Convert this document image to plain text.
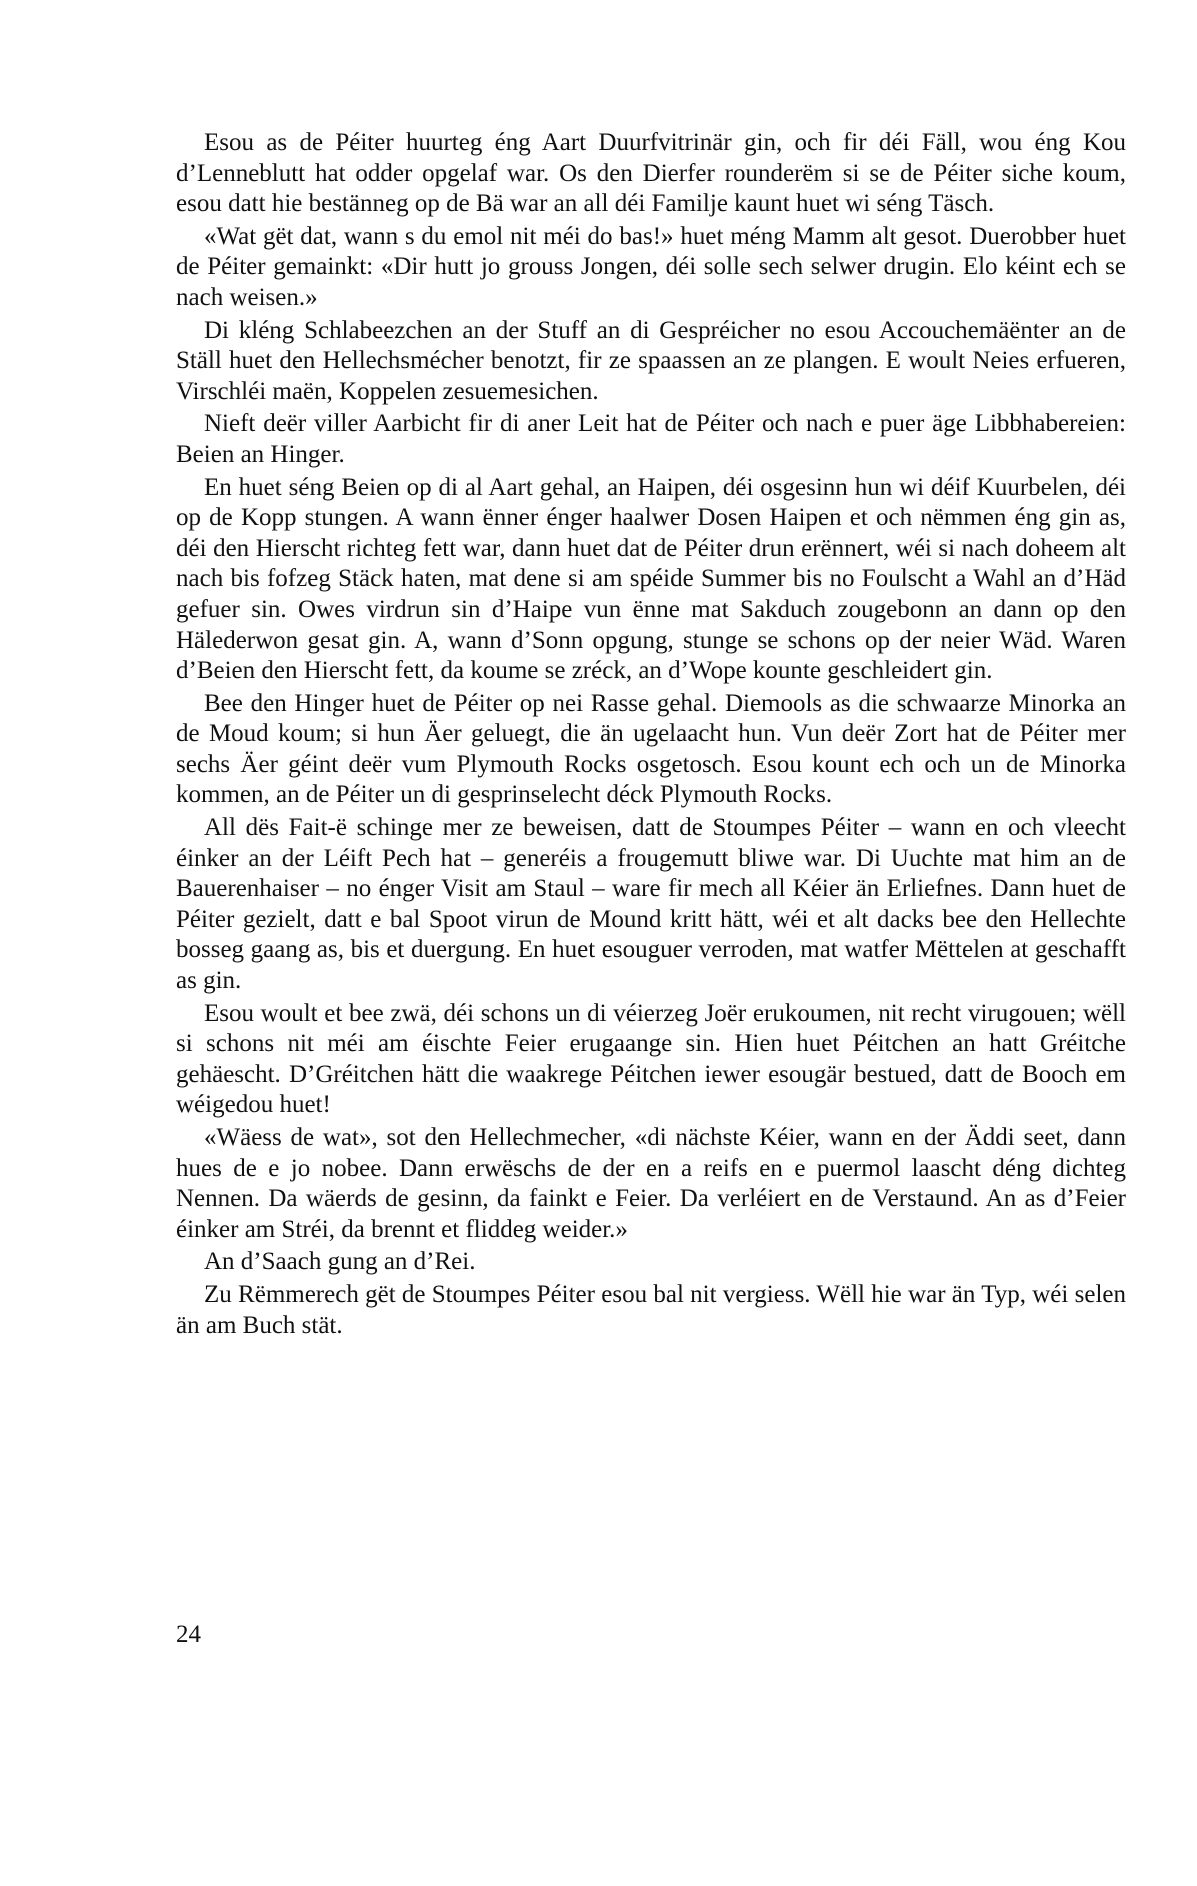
Esou as de Péiter huurteg éng Aart Duurfvitrinär gin, och fir déi Fäll, wou éng Kou d’Lenneblutt hat odder opgelaf war. Os den Dierfer rounderëm si se de Péiter siche koum, esou datt hie bestänneg op de Bä war an all déi Familje kaunt huet wi séng Täsch.

«Wat gët dat, wann s du emol nit méi do bas!» huet méng Mamm alt gesot. Duerobber huet de Péiter gemainkt: «Dir hutt jo grouss Jongen, déi solle sech selwer drugin. Elo kéint ech se nach weisen.»

Di kléng Schlabeezchen an der Stuff an di Gespréicher no esou Accouchemäënter an de Ställ huet den Hellechsmécher benotzt, fir ze spaassen an ze plangen. E woult Neies erfueren, Virschléi maën, Koppelen zesuemesichen.

Nieft deër viller Aarbicht fir di aner Leit hat de Péiter och nach e puer äge Libbhabereien: Beien an Hinger.

En huet séng Beien op di al Aart gehal, an Haipen, déi osgesinn hun wi déif Kuurbelen, déi op de Kopp stungen. A wann ënner énger haalwer Dosen Haipen et och nëmmen éng gin as, déi den Hierscht richteg fett war, dann huet dat de Péiter drun erënnert, wéi si nach doheem alt nach bis fofzeg Stäck haten, mat dene si am spéide Summer bis no Foulscht a Wahl an d’Häd gefuer sin. Owes virdrun sin d’Haipe vun ënne mat Sakduch zougebonn an dann op den Hälederwon gesat gin. A, wann d’Sonn opgung, stunge se schons op der neier Wäd. Waren d’Beien den Hierscht fett, da koume se zréck, an d’Wope kounte geschleidert gin.

Bee den Hinger huet de Péiter op nei Rasse gehal. Diemools as die schwaarze Minorka an de Moud koum; si hun Äer geluegt, die än ugelaacht hun. Vun deër Zort hat de Péiter mer sechs Äer géint deër vum Plymouth Rocks osgetosch. Esou kount ech och un de Minorka kommen, an de Péiter un di gesprinselecht déck Plymouth Rocks.

All dës Fait-ë schinge mer ze beweisen, datt de Stoumpes Péiter – wann en och vleecht éinker an der Léift Pech hat – generéis a frougemutt bliwe war. Di Uuchte mat him an de Bauerenhaiser – no énger Visit am Staul – ware fir mech all Kéier än Erliefnes. Dann huet de Péiter gezielt, datt e bal Spoot virun de Mound kritt hätt, wéi et alt dacks bee den Hellechte bosseg gaang as, bis et duergung. En huet esouguer verroden, mat watfer Mëttelen at geschafft as gin.

Esou woult et bee zwä, déi schons un di véierzeg Joër erukoumen, nit recht virugouen; wëll si schons nit méi am éischte Feier erugaange sin. Hien huet Péitchen an hatt Gréitche gehäescht. D’Gréitchen hätt die waakrege Péitchen iewer esougär bestued, datt de Booch em wéigedou huet!

«Wäess de wat», sot den Hellechmecher, «di nächste Kéier, wann en der Äddi seet, dann hues de e jo nobee. Dann erwëschs de der en a reifs en e puermol laascht déng dichteg Nennen. Da wäerds de gesinn, da fainkt e Feier. Da verléiert en de Verstaund. An as d’Feier éinker am Stréi, da brennt et fliddeg weider.»

An d’Saach gung an d’Rei.

Zu Rëmmerech gët de Stoumpes Péiter esou bal nit vergiess. Wëll hie war än Typ, wéi selen än am Buch stät.

24
